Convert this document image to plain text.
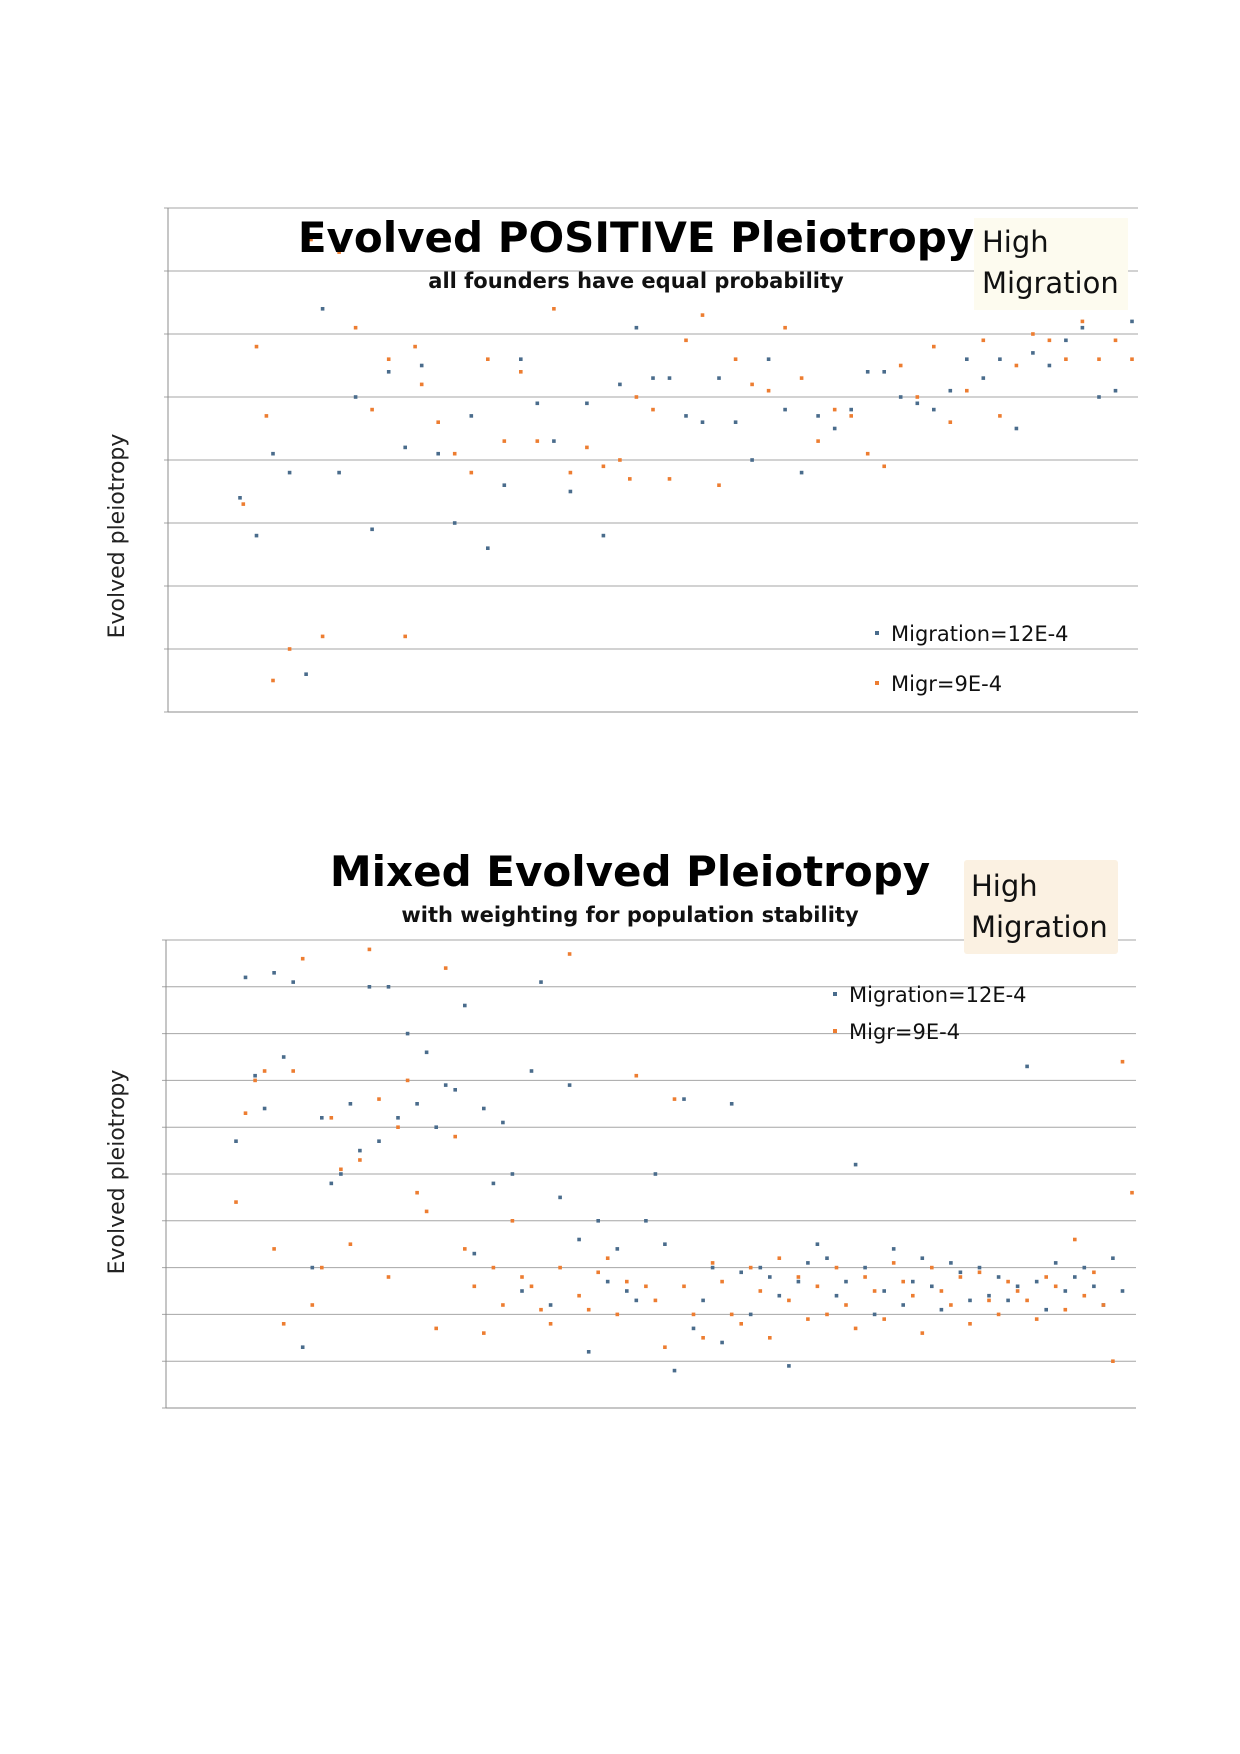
High
Migration
Evolved POSITIVE Pleiotropy
all founders have equal probability
Evolved pleiotropy	Migration=12E-4
Migr=9E-4
High
Migration
Mixed Evolved Pleiotropy
with weighting for population stability
Evolved pleiotropy
Migration=12E-4
Migr=9E-4
